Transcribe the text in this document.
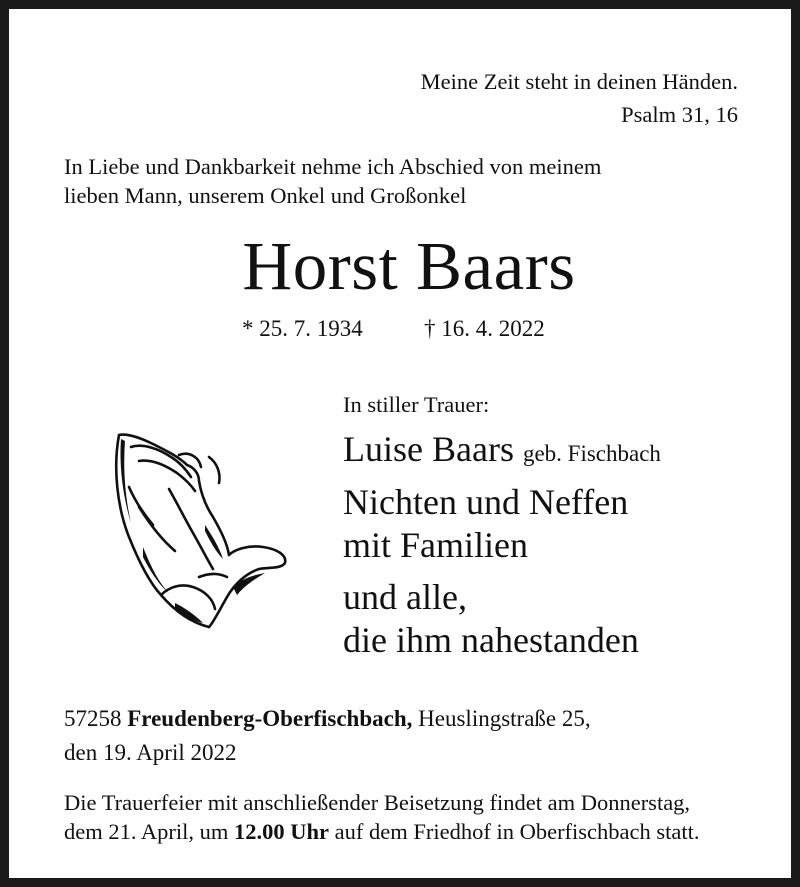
Meine Zeit steht in deinen Händen.
Psalm 31, 16
In Liebe und Dankbarkeit nehme ich Abschied von meinem
lieben Mann, unserem Onkel und Großonkel
Horst Baars
* 25. 7. 1934	† 16. 4. 2022
In stiller Trauer:
Luise Baars geb. Fischbach
Nichten und Neffen
mit Familien
und alle,
die ihm nahestanden
57258 Freudenberg-Oberfischbach, Heuslingstraße 25,
den 19. April 2022
Die Trauerfeier mit anschließender Beisetzung findet am Donnerstag,
dem 21. April, um 12.00 Uhr auf dem Friedhof in Oberfischbach statt.
